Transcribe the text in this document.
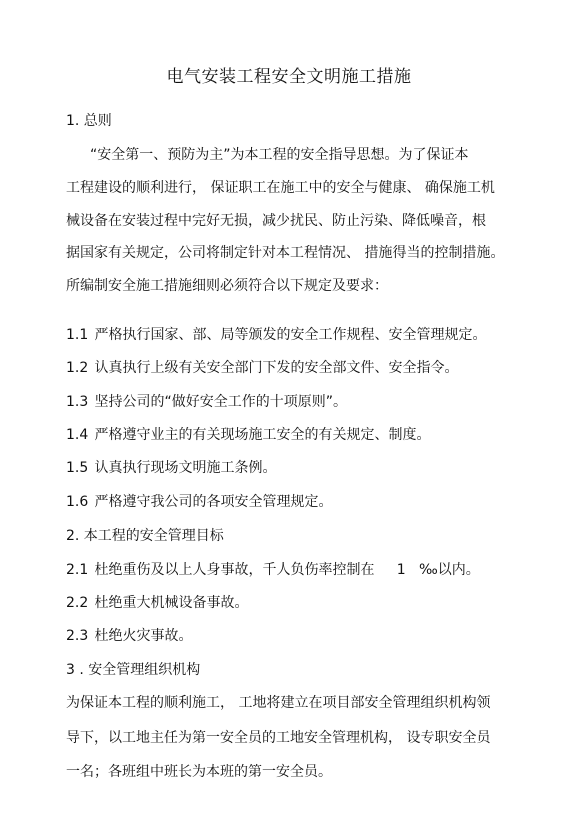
电气安装工程安全文明施工措施
1. 总则
“安全第一、预防为主”为本工程的安全指导思想。为了保证本
工程建设的顺利进行， 保证职工在施工中的安全与健康、 确保施工机
械设备在安装过程中完好无损，减少扰民、防止污染、降低噪音，根
据国家有关规定，公司将制定针对本工程情况、 措施得当的控制措施。
所编制安全施工措施细则必须符合以下规定及要求：
1.1 严格执行国家、部、局等颁发的安全工作规程、安全管理规定。
1.2 认真执行上级有关安全部门下发的安全部文件、安全指令。
1.3 坚持公司的“做好安全工作的十项原则”。
1.4 严格遵守业主的有关现场施工安全的有关规定、制度。
1.5 认真执行现场文明施工条例。
1.6 严格遵守我公司的各项安全管理规定。
2. 本工程的安全管理目标
2.1 杜绝重伤及以上人身事故，千人负伤率控制在     1   ‰以内。
2.2 杜绝重大机械设备事故。
2.3 杜绝火灾事故。
3 . 安全管理组织机构
为保证本工程的顺利施工， 工地将建立在项目部安全管理组织机构领
导下，以工地主任为第一安全员的工地安全管理机构， 设专职安全员
一名；各班组中班长为本班的第一安全员。
